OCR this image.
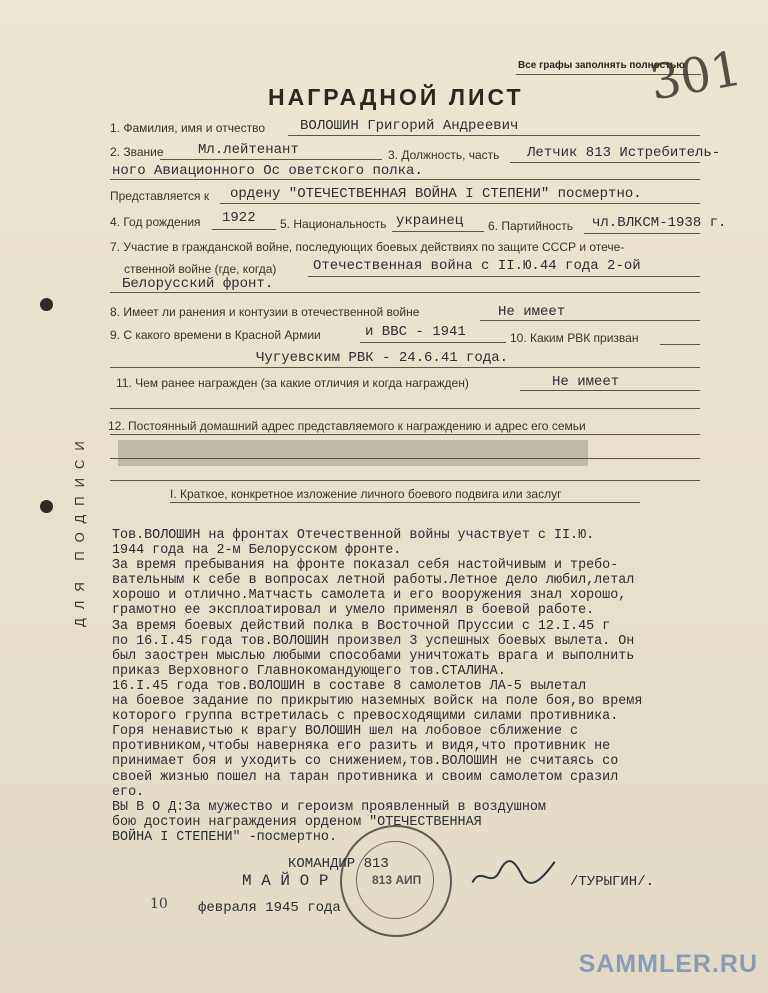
Все графы заполнять полностью
301
НАГРАДНОЙ ЛИСТ
1. Фамилия, имя и отчество ВОЛОШИН Григорий Андреевич
2. Звание Мл.лейтенант	3. Должность, часть Летчик 813 Истребитель-
ного Авиационного Ос оветского полка.
Представляется к ордену "ОТЕЧЕСТВЕННАЯ ВОЙНА I СТЕПЕНИ" посмертно.
4. Год рождения 1922 5. Национальность украинец 6. Партийность чл.ВЛКСМ-1938 г.
7. Участие в гражданской войне, последующих боевых действиях по защите СССР и отече-
ственной войне (где, когда)	Отечественная война с II.Ю.44 года 2-ой
Белорусский фронт.
8. Имеет ли ранения и контузии в отечественной войне	Не имеет
9. С какого времени в Красной Армии	и ВВС - 1941	10. Каким РВК призван
Чугуевским РВК - 24.6.41 года.
11. Чем ранее награжден (за какие отличия и когда награжден)	Не имеет
12. Постоянный домашний адрес представляемого к награждению и адрес его семьи
ДЛЯ ПОДПИСИ	I. Краткое, конкретное изложение личного боевого подвига или заслуг
Тов.ВОЛОШИН на фронтах Отечественной войны участвует с II.Ю.
1944 года на 2-м Белорусском фронте.
За время пребывания на фронте показал себя настойчивым и требо-
вательным к себе в вопросах летной работы.Летное дело любил,летал
хорошо и отлично.Матчасть самолета и его вооружения знал хорошо,
грамотно ее эксплоатировал и умело применял в боевой работе.
За время боевых действий полка в Восточной Пруссии с 12.I.45 г
по 16.I.45 года тов.ВОЛОШИН произвел 3 успешных боевых вылета. Он
был заострен мыслью любыми способами уничтожать врага и выполнить
приказ Верховного Главнокомандующего тов.СТАЛИНА.
16.I.45 года тов.ВОЛОШИН в составе 8 самолетов ЛА-5 вылетал
на боевое задание по прикрытию наземных войск на поле боя,во время
которого группа встретилась с превосходящими силами противника.
Горя ненавистью к врагу ВОЛОШИН шел на лобовое сближение с
противником,чтобы наверняка его разить и видя,что противник не
принимает боя и уходить со снижением,тов.ВОЛОШИН не считаясь со
своей жизнью пошел на таран противника и своим самолетом сразил
его.
ВЫ В О Д:За мужество и героизм проявленный в воздушном
бою достоин награждения орденом "ОТЕЧЕСТВЕННАЯ
ВОЙНА I СТЕПЕНИ" -посмертно.
КОМАНДИР 813
М А Й О Р	/ТУРЫГИН/.
10 февраля 1945 года
813 АИП
SAMMLER.RU
